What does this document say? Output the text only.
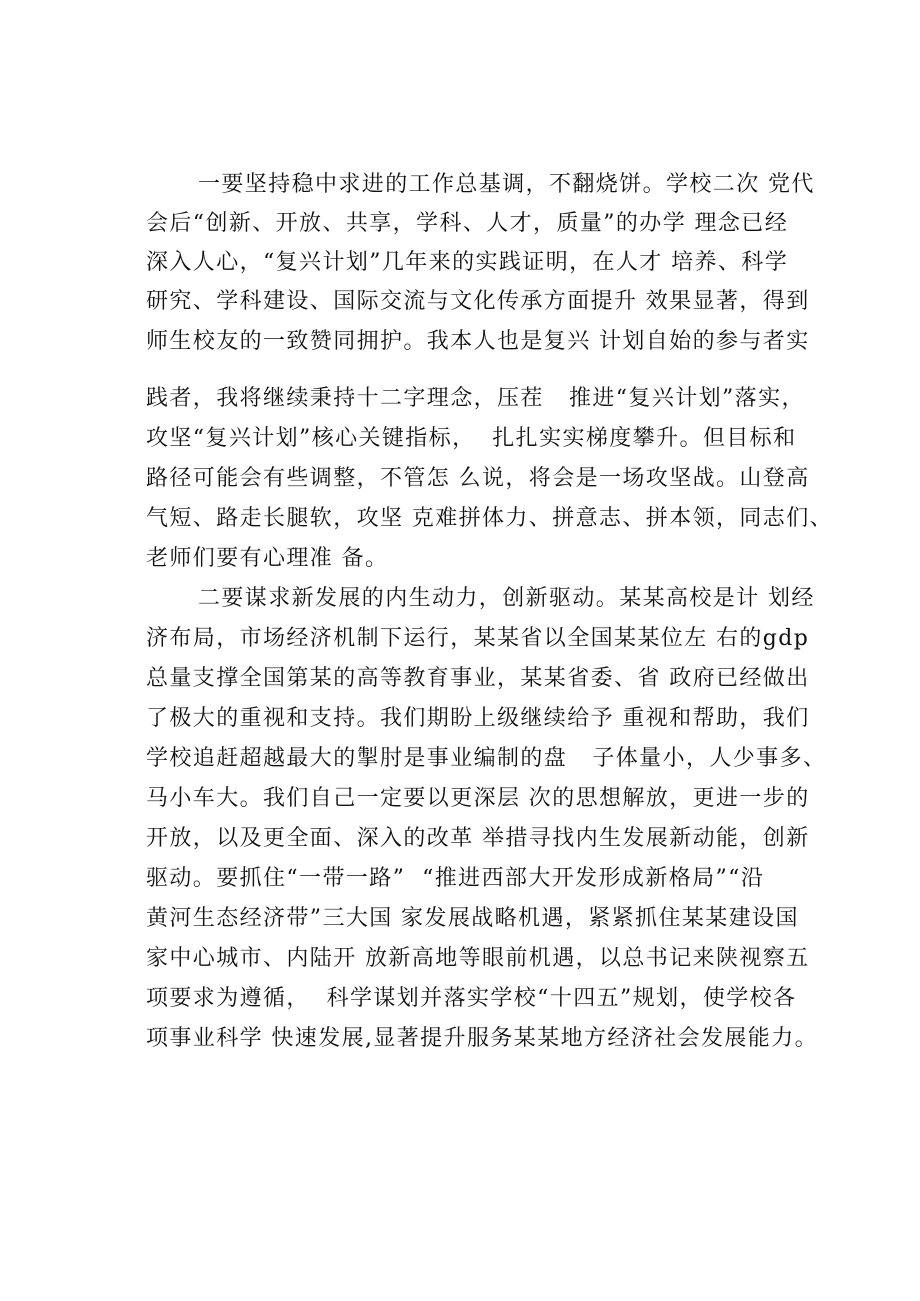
一要坚持稳中求进的工作总基调，不翻烧饼。学校二次 党代
会后“创新、开放、共享，学科、人才，质量”的办学 理念已经
深入人心，“复兴计划”几年来的实践证明，在人才 培养、科学
研究、学科建设、国际交流与文化传承方面提升 效果显著，得到
师生校友的一致赞同拥护。我本人也是复兴 计划自始的参与者实
践者，我将继续秉持十二字理念，压茬   推进“复兴计划”落实，
攻坚“复兴计划”核心关键指标，  扎扎实实梯度攀升。但目标和
路径可能会有些调整，不管怎 么说，将会是一场攻坚战。山登高
气短、路走长腿软，攻坚 克难拼体力、拼意志、拼本领，同志们、
老师们要有心理准 备。
二要谋求新发展的内生动力，创新驱动。某某高校是计 划经
济布局，市场经济机制下运行，某某省以全国某某位左 右的gdp
总量支撑全国第某的高等教育事业，某某省委、省 政府已经做出
了极大的重视和支持。我们期盼上级继续给予 重视和帮助，我们
学校追赶超越最大的掣肘是事业编制的盘   子体量小，人少事多、
马小车大。我们自己一定要以更深层 次的思想解放，更进一步的
开放，以及更全面、深入的改革 举措寻找内生发展新动能，创新
驱动。要抓住“一带一路”  “推进西部大开发形成新格局”“沿
黄河生态经济带”三大国 家发展战略机遇，紧紧抓住某某建设国
家中心城市、内陆开 放新高地等眼前机遇，以总书记来陕视察五
项要求为遵循，  科学谋划并落实学校“十四五”规划，使学校各
项事业科学 快速发展,显著提升服务某某地方经济社会发展能力。
